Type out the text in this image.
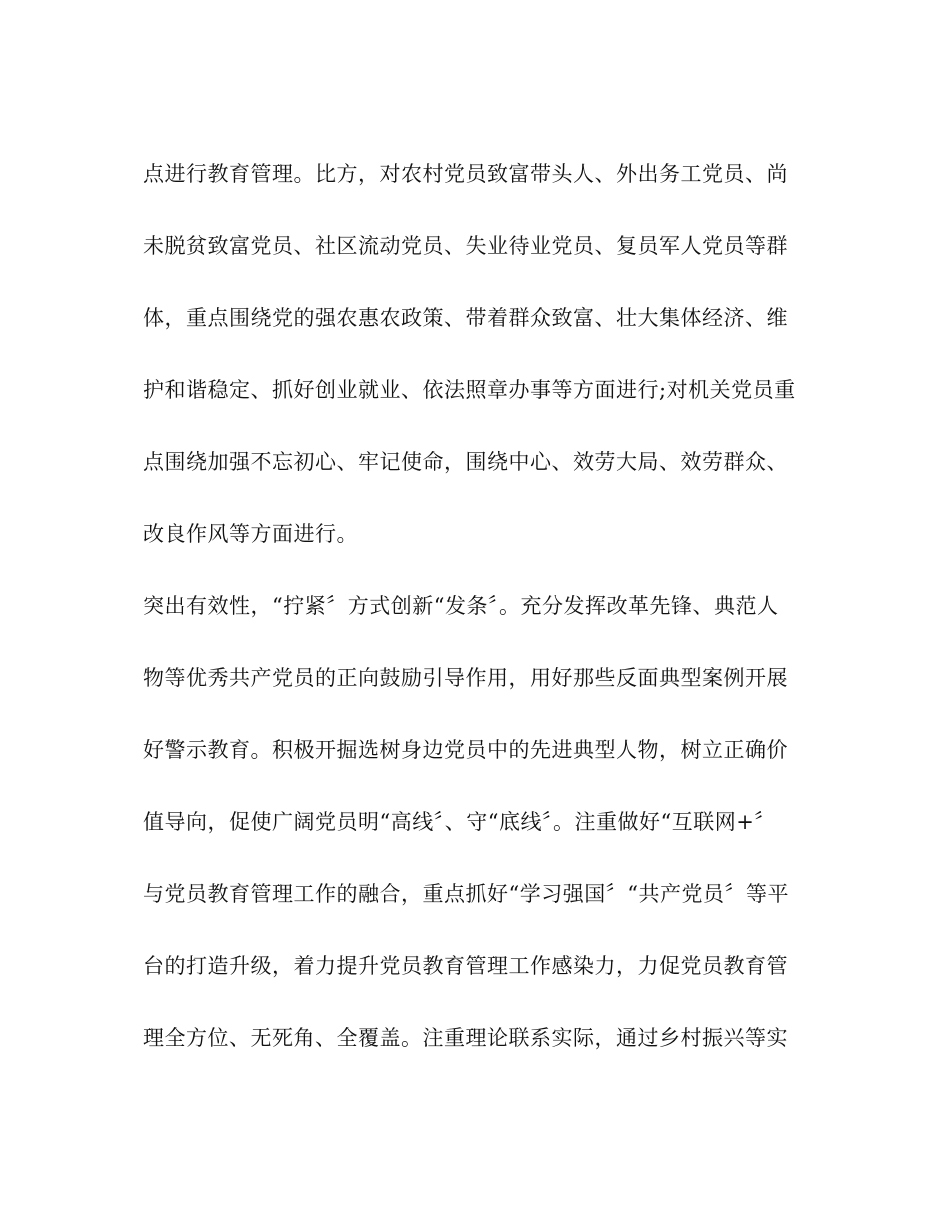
点进行教育管理。比方，对农村党员致富带头人、外出务工党员、尚
未脱贫致富党员、社区流动党员、失业待业党员、复员军人党员等群
体，重点围绕党的强农惠农政策、带着群众致富、壮大集体经济、维
护和谐稳定、抓好创业就业、依法照章办事等方面进行;对机关党员重
点围绕加强不忘初心、牢记使命，围绕中心、效劳大局、效劳群众、
改良作风等方面进行。
突出有效性，“拧紧〞方式创新“发条〞。充分发挥改革先锋、典范人
物等优秀共产党员的正向鼓励引导作用，用好那些反面典型案例开展
好警示教育。积极开掘选树身边党员中的先进典型人物，树立正确价
值导向，促使广阔党员明“高线〞、守“底线〞。注重做好“互联网+〞
与党员教育管理工作的融合，重点抓好“学习强国〞“共产党员〞等平
台的打造升级，着力提升党员教育管理工作感染力，力促党员教育管
理全方位、无死角、全覆盖。注重理论联系实际，通过乡村振兴等实
